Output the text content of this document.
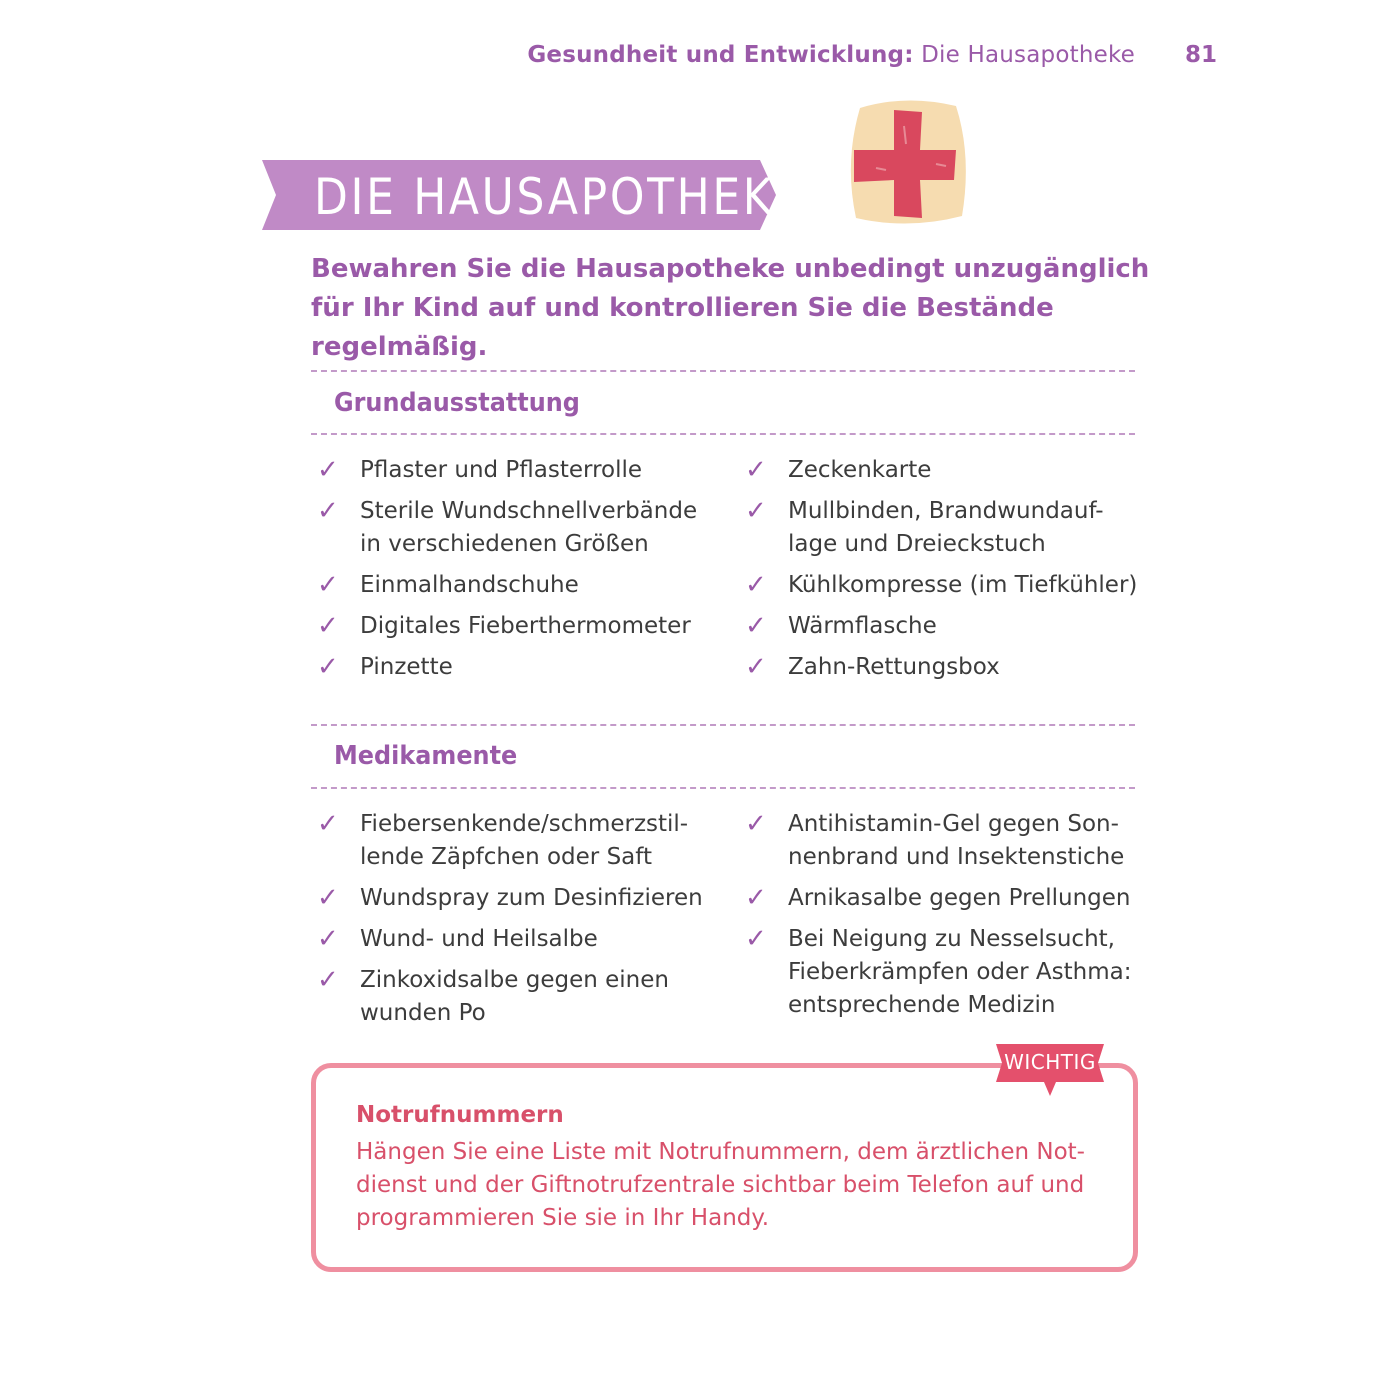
Gesundheit und Entwicklung: Die Hausapotheke 81
DIE HAUSAPOTHEKE
Bewahren Sie die Hausapotheke unbedingt unzugänglich für Ihr Kind auf und kontrollieren Sie die Bestände regelmäßig.
Grundausstattung
✓ Pflaster und Pflasterrolle
✓ Sterile Wundschnellverbände
in verschiedenen Größen
✓ Einmalhandschuhe
✓ Digitales Fieberthermometer
✓ Pinzette
✓ Zeckenkarte
✓ Mullbinden, Brandwundauf-
lage und Dreieckstuch
✓ Kühlkompresse (im Tiefkühler)
✓ Wärmflasche
✓ Zahn-Rettungsbox
Medikamente
✓ Fiebersenkende/schmerzstil-
lende Zäpfchen oder Saft
✓ Wundspray zum Desinfizieren
✓ Wund- und Heilsalbe
✓ Zinkoxidsalbe gegen einen
wunden Po
✓ Antihistamin-Gel gegen Son-
nenbrand und Insektenstiche
✓ Arnikasalbe gegen Prellungen
✓ Bei Neigung zu Nesselsucht,
Fieberkrämpfen oder Asthma:
entsprechende Medizin
Notrufnummern
Hängen Sie eine Liste mit Notrufnummern, dem ärztlichen Not-
dienst und der Giftnotrufzentrale sichtbar beim Telefon auf und
programmieren Sie sie in Ihr Handy.
WICHTIG
